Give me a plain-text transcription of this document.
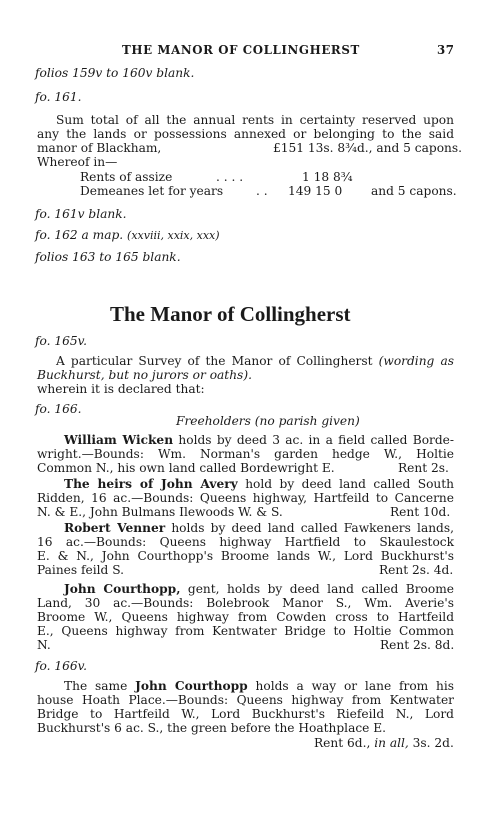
THE MANOR OF COLLINGHERST	37
folios 159v to 160v blank.
fo. 161.
Sum total of all the annual rents in certainty reserved upon
any the lands or possessions annexed or belonging to the said
manor of Blackham,	£151 13s. 8¾d., and 5 capons.
Whereof in—
Rents of assize	. . . .	1 18 8¾
Demeanes let for years	. . 149 15 0 and 5 capons.
fo. 161v blank.
fo. 162 a map. (xxviii, xxix, xxx)
folios 163 to 165 blank.
The Manor of Collingherst
fo. 165v.
A particular Survey of the Manor of Collingherst (wording as
Buckhurst, but no jurors or oaths).
wherein it is declared that:
fo. 166.
Freeholders (no parish given)
William Wicken holds by deed 3 ac. in a field called Borde-
wright.—Bounds: Wm. Norman's garden hedge W., Holtie
Common N., his own land called Bordewright E.	Rent 2s.
The heirs of John Avery hold by deed land called South
Ridden, 16 ac.—Bounds: Queens highway, Hartfeild to Cancerne
N. & E., John Bulmans Ilewoods W. & S.	Rent 10d.
Robert Venner holds by deed land called Fawkeners lands,
16 ac.—Bounds: Queens highway Hartfield to Skaulestock
E. & N., John Courthopp's Broome lands W., Lord Buckhurst's
Paines feild S.	Rent 2s. 4d.
John Courthopp, gent, holds by deed land called Broome
Land, 30 ac.—Bounds: Bolebrook Manor S., Wm. Averie's
Broome W., Queens highway from Cowden cross to Hartfeild
E., Queens highway from Kentwater Bridge to Holtie Common
N.	Rent 2s. 8d.
fo. 166v.
The same John Courthopp holds a way or lane from his
house Hoath Place.—Bounds: Queens highway from Kentwater
Bridge to Hartfeild W., Lord Buckhurst's Riefeild N., Lord
Buckhurst's 6 ac. S., the green before the Hoathplace E.
Rent 6d., in all, 3s. 2d.
